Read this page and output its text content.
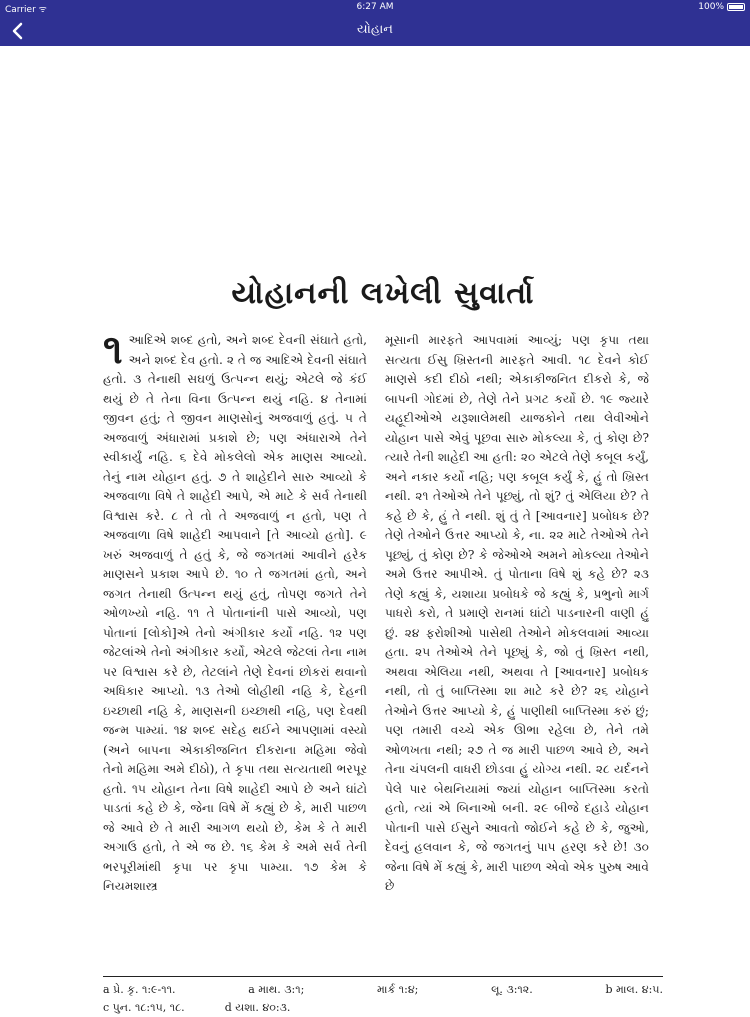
Carrier ᯤ	6:27 AM	100%
યોહાન
યોહાનની લખેલી સુવાર્તા
૧ આદિએ શબ્દ હતો, અને શબ્દ દેવની સંઘાતે હતો, અને શબ્દ દેવ હતો. ૨ તે જ આદિએ દેવની સંઘાતે હતો. ૩ તેનાથી સઘળું ઉત્પન્ન થયું; એટલે જે કંઈ થયું છે તે તેના વિના ઉત્પન્ન થયું નહિ. ૪ તેનામાં જીવન હતું; તે જીવન માણસોનું અજવાળું હતું. ૫ તે અજવાળું અંધારામાં પ્રકાશે છે; પણ અંધારાએ તેને સ્વીકાર્યું નહિ. ૬ દેવે મોકલેલો એક માણસ આવ્યો. તેનું નામ યોહાન હતું. ૭ તે શાહેદીને સારુ આવ્યો કે અજવાળા વિષે તે શાહેદી આપે, એ માટે કે સર્વ તેનાથી વિશ્વાસ કરે. ૮ તે તો તે અજવાળું ન હતો, પણ તે અજવાળા વિષે શાહેદી આપવાને [તે આવ્યો હતો]. ૯ ખરું અજવાળું તે હતું કે, જે જગતમાં આવીને હરેક માણસને પ્રકાશ આપે છે. ૧૦ તે જગતમાં હતો, અને જગત તેનાથી ઉત્પન્ન થયું હતું, તોપણ જગતે તેને ઓળખ્યો નહિ. ૧૧ તે પોતાનાંની પાસે આવ્યો, પણ પોતાનાં [લોકો]એ તેનો અંગીકાર કર્યો નહિ. ૧૨ પણ જેટલાંએ તેનો અંગીકાર કર્યો, એટલે જેટલાં તેના નામ પર વિશ્વાસ કરે છે, તેટલાંને તેણે દેવનાં છોકરાં થવાનો અધિકાર આપ્યો. ૧૩ તેઓ લોહીથી નહિ કે, દેહની ઇચ્છાથી નહિ કે, માણસની ઇચ્છાથી નહિ, પણ દેવથી જન્મ પામ્યાં. ૧૪ શબ્દ સદેહ થઈને આપણામાં વસ્યો (અને બાપના એકાકીજનિત દીકરાના મહિમા જેવો તેનો મહિમા અમે દીઠો), તે કૃપા તથા સત્યતાથી ભરપૂર હતો. ૧૫ યોહાન તેના વિષે શાહેદી આપે છે અને ઘાંટો પાડતાં કહે છે કે, જેના વિષે મેં કહ્યું છે કે, મારી પાછળ જે આવે છે તે મારી આગળ થયો છે, કેમ કે તે મારી અગાઉ હતો, તે એ જ છે. ૧૬ કેમ કે અમે સર્વ તેની ભરપૂરીમાંથી કૃપા પર કૃપા પામ્યા. ૧૭ કેમ કે નિયમશાસ્ત્ર
મૂસાની મારફતે આપવામાં આવ્યું; પણ કૃપા તથા સત્યતા ઈસુ ખ્રિસ્તની મારફતે આવી. ૧૮ દેવને કોઈ માણસે કદી દીઠો નથી; એકાકીજનિત દીકરો કે, જે બાપની ગોદમાં છે, તેણે તેને પ્રગટ કર્યો છે. ૧૯ જ્યારે યહૂદીઓએ યરૂશાલેમથી યાજકોને તથા લેવીઓને યોહાન પાસે એવું પૂછવા સારુ મોકલ્યા કે, તું કોણ છે? ત્યારે તેની શાહેદી આ હતી: ૨૦ એટલે તેણે કબૂલ કર્યું, અને નકાર કર્યો નહિ; પણ કબૂલ કર્યું કે, હું તો ખ્રિસ્ત નથી. ૨૧ તેઓએ તેને પૂછ્યું, તો શું? તું એલિયા છે? તે કહે છે કે, હું તે નથી. શું તું તે [આવનાર] પ્રબોધક છે? તેણે તેઓને ઉત્તર આપ્યો કે, ના. ૨૨ માટે તેઓએ તેને પૂછ્યું, તું કોણ છે? કે જેઓએ અમને મોકલ્યા તેઓને અમે ઉત્તર આપીએ. તું પોતાના વિષે શું કહે છે? ૨૩ તેણે કહ્યું કે, યશાયા પ્રબોધકે જે કહ્યું કે, પ્રભુનો માર્ગ પાધરો કરો, તે પ્રમાણે રાનમાં ઘાંટો પાડનારની વાણી હું છું. ૨૪ ફરોશીઓ પાસેથી તેઓને મોકલવામાં આવ્યા હતા. ૨૫ તેઓએ તેને પૂછ્યું કે, જો તું ખ્રિસ્ત નથી, અથવા એલિયા નથી, અથવા તે [આવનાર] પ્રબોધક નથી, તો તું બાપ્તિસ્મા શા માટે કરે છે? ૨૬ યોહાને તેઓને ઉત્તર આપ્યો કે, હું પાણીથી બાપ્તિસ્મા કરું છું; પણ તમારી વચ્ચે એક ઊભા રહેલા છે, તેને તમે ઓળખતા નથી; ૨૭ તે જ મારી પાછળ આવે છે, અને તેના ચંપલની વાધરી છોડવા હું યોગ્ય નથી. ૨૮ યર્દનને પેલે પાર બેથનિયામાં જ્યાં યોહાન બાપ્તિસ્મા કરતો હતો, ત્યાં એ બિનાઓ બની. ૨૯ બીજે દહાડે યોહાન પોતાની પાસે ઈસુને આવતો જોઈને કહે છે કે, જુઓ, દેવનું હલવાન કે, જે જગતનું પાપ હરણ કરે છે! ૩૦ જેના વિષે મેં કહ્યું કે, મારી પાછળ એવો એક પુરુષ આવે છે
a પ્રે. કૃ. ૧:૯-૧૧.	a માથ. ૩:૧;	માર્ક ૧:૪;	લૂ. ૩:૧૨.	b માલ. ૪:૫.
c પુન. ૧૮:૧૫, ૧૮.	d યશા. ૪૦:૩.
